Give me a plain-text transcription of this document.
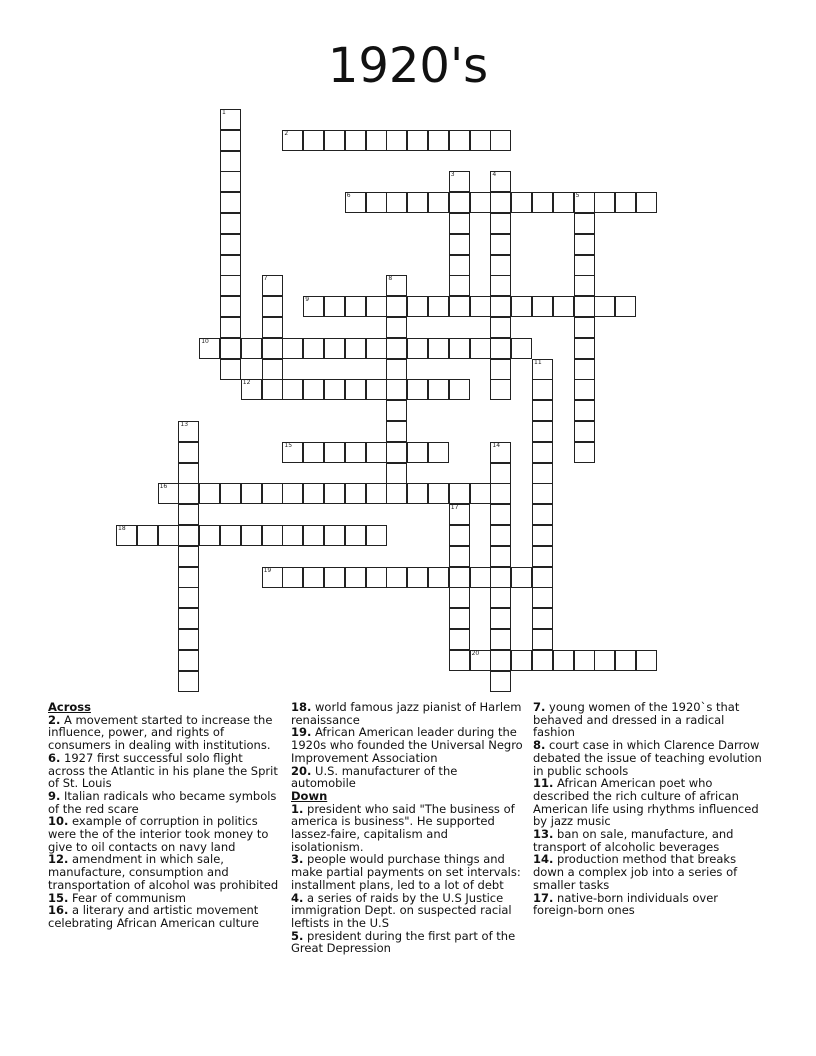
1920's
2
6	5
9
10
12
15
16
18
19
20
1
3	4
7	8
11
13
14
17

Across

2. A movement started to increase the influence, power, and rights of consumers in dealing with institutions.

6. 1927 first successful solo flight across the Atlantic in his plane the Sprit of St. Louis

9. Italian radicals who became symbols of the red scare

10. example of corruption in politics were the of the interior took money to give to oil contacts on navy land

12. amendment in which sale, manufacture, consumption and transportation of alcohol was prohibited

15. Fear of communism

16. a literary and artistic movement celebrating African American culture

18. world famous jazz pianist of Harlem renaissance

19. African American leader during the 1920s who founded the Universal Negro Improvement Association

20. U.S. manufacturer of the automobile

Down

1. president who said "The business of america is business". He supported lassez-faire, capitalism and isolationism.

3. people would purchase things and make partial payments on set intervals: installment plans, led to a lot of debt

4. a series of raids by the U.S Justice immigration Dept. on suspected racial leftists in the U.S

5. president during the first part of the Great Depression

7. young women of the 1920`s that behaved and dressed in a radical fashion

8. court case in which Clarence Darrow debated the issue of teaching evolution in public schools

11. African American poet who described the rich culture of african American life using rhythms influenced by jazz music

13. ban on sale, manufacture, and transport of alcoholic beverages

14. production method that breaks down a complex job into a series of smaller tasks

17. native-born individuals over foreign-born ones
